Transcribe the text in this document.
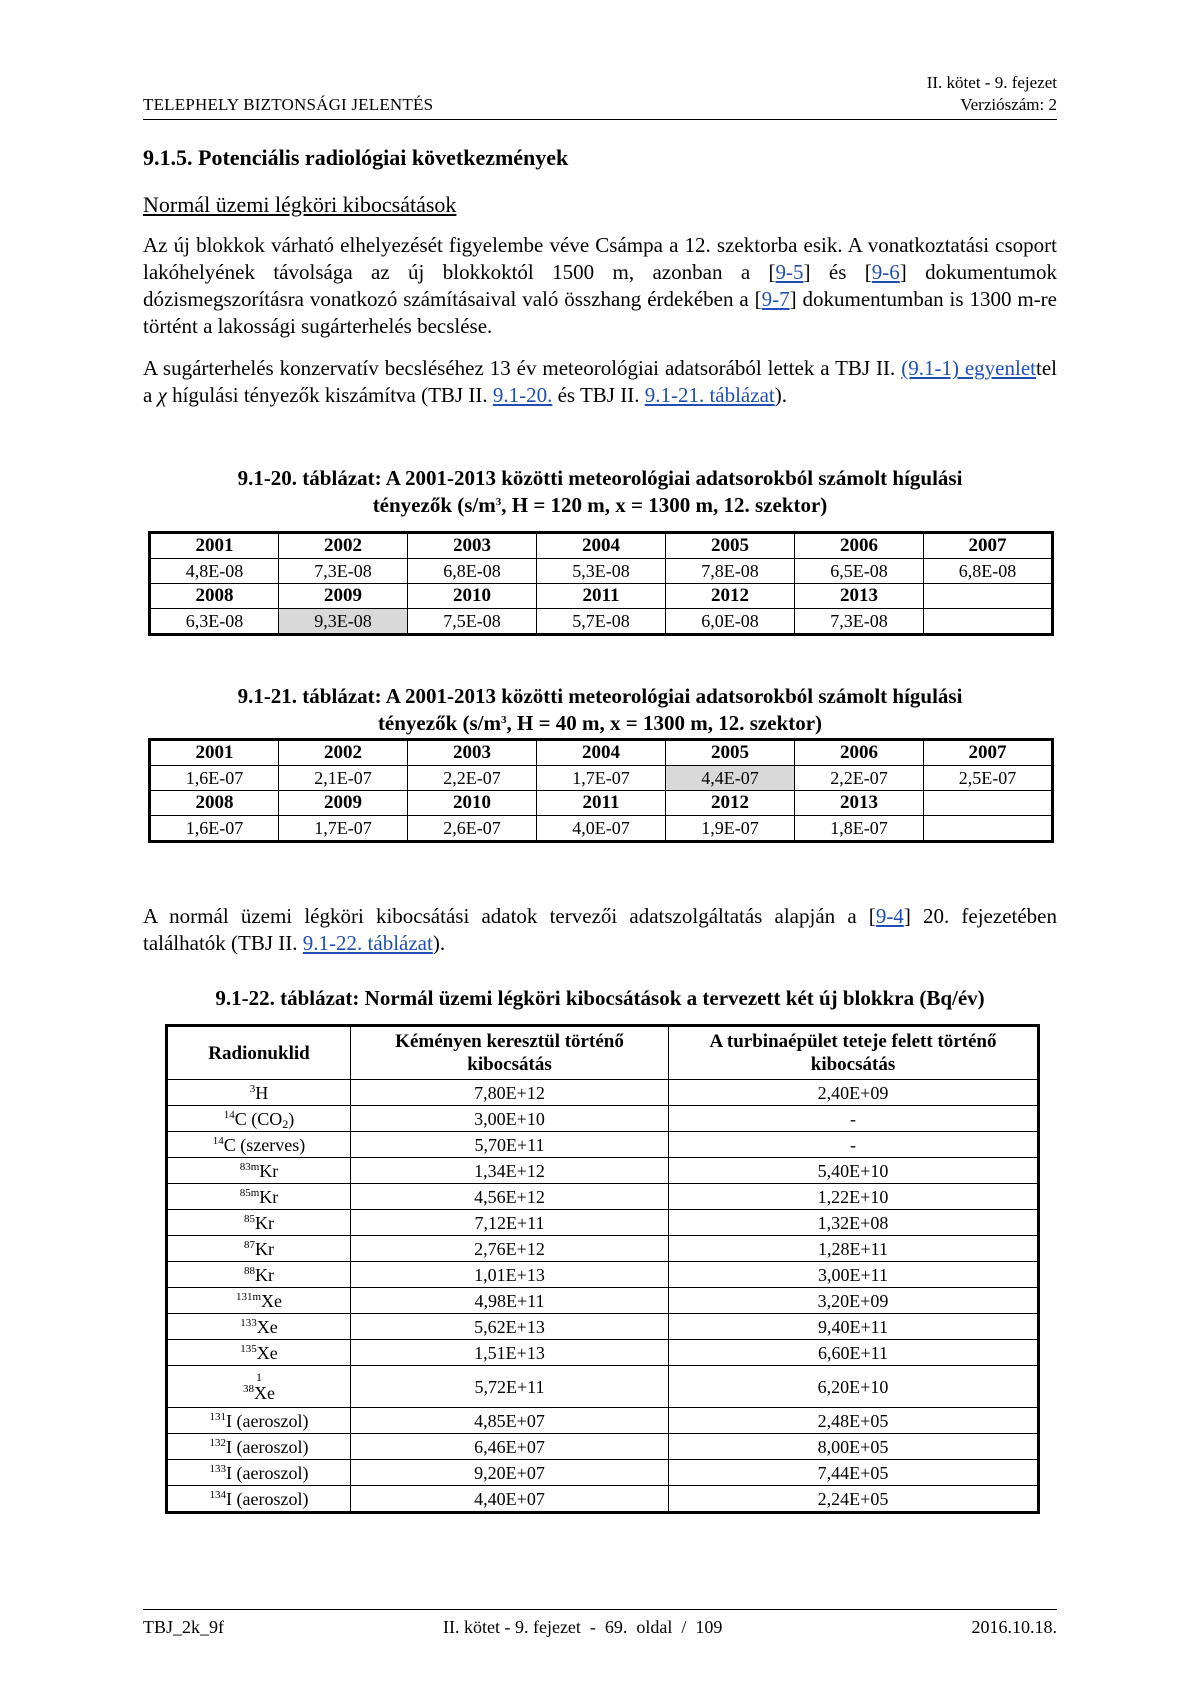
II. kötet - 9. fejezet
Verziószám: 2
TELEPHELY BIZTONSÁGI JELENTÉS
9.1.5. Potenciális radiológiai következmények
Normál üzemi légköri kibocsátások
Az új blokkok várható elhelyezését figyelembe véve Csámpa a 12. szektorba esik. A vonatkoztatási csoport lakóhelyének távolsága az új blokkoktól 1500 m, azonban a [9-5] és [9-6] dokumentumok dózismegszorításra vonatkozó számításaival való összhang érdekében a [9-7] dokumentumban is 1300 m-re történt a lakossági sugárterhelés becslése.
A sugárterhelés konzervatív becsléséhez 13 év meteorológiai adatsorából lettek a TBJ II. (9.1-1) egyenlettel a χ hígulási tényezők kiszámítva (TBJ II. 9.1-20. és TBJ II. 9.1-21. táblázat).
9.1-20. táblázat: A 2001-2013 közötti meteorológiai adatsorokból számolt hígulási
tényezők ($s/m^3$, H = 120 m, x = 1300 m, 12. szektor)
2001	2002	2003	2004	2005	2006	2007
4,8E-08	7,3E-08	6,8E-08	5,3E-08	7,8E-08	6,5E-08	6,8E-08
2008	2009	2010	2011	2012	2013	
6,3E-08	9,3E-08	7,5E-08	5,7E-08	6,0E-08	7,3E-08	
9.1-21. táblázat: A 2001-2013 közötti meteorológiai adatsorokból számolt hígulási
tényezők ($s/m^3$, H = 40 m, x = 1300 m, 12. szektor)
2001	2002	2003	2004	2005	2006	2007
1,6E-07	2,1E-07	2,2E-07	1,7E-07	4,4E-07	2,2E-07	2,5E-07
2008	2009	2010	2011	2012	2013	
1,6E-07	1,7E-07	2,6E-07	4,0E-07	1,9E-07	1,8E-07	
A normál üzemi légköri kibocsátási adatok tervezői adatszolgáltatás alapján a [9-4] 20. fejezetében találhatók (TBJ II. 9.1-22. táblázat).
9.1-22. táblázat: Normál üzemi légköri kibocsátások a tervezett két új blokkra (Bq/év)
Radionuklid	Kéményen keresztül történő kibocsátás	A turbinaépület teteje felett történő kibocsátás
$^3$H	7,80E+12	2,40E+09
$^{14}$C $(CO_2)$	3,00E+10	-
$^{14}$C (szerves)	5,70E+11	-
$^{83m}$Kr	1,34E+12	5,40E+10
$^{85m}$Kr	4,56E+12	1,22E+10
$^{85}$Kr	7,12E+11	1,32E+08
$^{87}$Kr	2,76E+12	1,28E+11
$^{88}$Kr	1,01E+13	3,00E+11
$^{131m}$Xe	4,98E+11	3,20E+09
$^{133}$Xe	5,62E+13	9,40E+11
$^{135}$Xe	1,51E+13	6,60E+11

1
$^{38}$Xe	5,72E+11	6,20E+10
$^{131}$I (aeroszol)	4,85E+07	2,48E+05
$^{132}$I (aeroszol)	6,46E+07	8,00E+05
$^{133}$I (aeroszol)	9,20E+07	7,44E+05
$^{134}$I (aeroszol)	4,40E+07	2,24E+05
TBJ_2k_9f	II. kötet - 9. fejezet  -  69.  oldal  /  109	2016.10.18.
